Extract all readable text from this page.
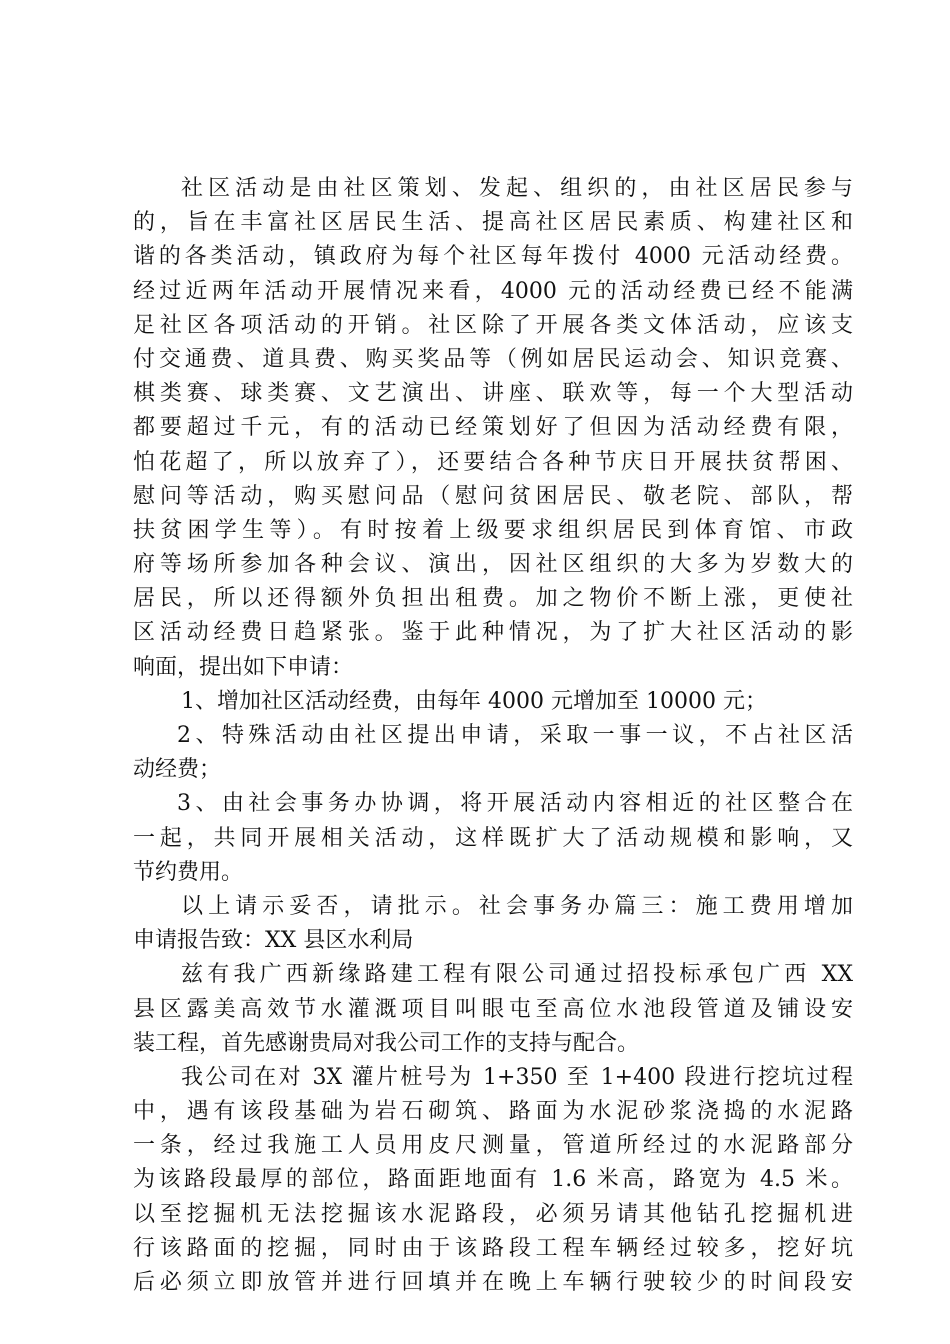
社区活动是由社区策划、发起、组织的，由社区居民参与
的，旨在丰富社区居民生活、提高社区居民素质、构建社区和
谐的各类活动，镇政府为每个社区每年拨付 4000 元活动经费。
经过近两年活动开展情况来看，4000 元的活动经费已经不能满
足社区各项活动的开销。社区除了开展各类文体活动，应该支
付交通费、道具费、购买奖品等（例如居民运动会、知识竞赛、
棋类赛、球类赛、文艺演出、讲座、联欢等，每一个大型活动
都要超过千元，有的活动已经策划好了但因为活动经费有限，
怕花超了，所以放弃了），还要结合各种节庆日开展扶贫帮困、
慰问等活动，购买慰问品（慰问贫困居民、敬老院、部队，帮
扶贫困学生等）。有时按着上级要求组织居民到体育馆、市政
府等场所参加各种会议、演出，因社区组织的大多为岁数大的
居民，所以还得额外负担出租费。加之物价不断上涨，更使社
区活动经费日趋紧张。鉴于此种情况，为了扩大社区活动的影
响面，提出如下申请：
1、增加社区活动经费，由每年 4000 元增加至 10000 元；
2、特殊活动由社区提出申请，采取一事一议，不占社区活
动经费；
3、由社会事务办协调，将开展活动内容相近的社区整合在
一起，共同开展相关活动，这样既扩大了活动规模和影响，又
节约费用。
以上请示妥否，请批示。社会事务办篇三：施工费用增加
申请报告致：XX 县区水利局
兹有我广西新缘路建工程有限公司通过招投标承包广西 XX
县区露美高效节水灌溉项目叫眼屯至高位水池段管道及铺设安
装工程，首先感谢贵局对我公司工作的支持与配合。
我公司在对 3X 灌片桩号为 1+350 至 1+400 段进行挖坑过程
中，遇有该段基础为岩石砌筑、路面为水泥砂浆浇捣的水泥路
一条，经过我施工人员用皮尺测量，管道所经过的水泥路部分
为该路段最厚的部位，路面距地面有 1.6 米高，路宽为 4.5 米。
以至挖掘机无法挖掘该水泥路段，必须另请其他钻孔挖掘机进
行该路面的挖掘，同时由于该路段工程车辆经过较多，挖好坑
后必须立即放管并进行回填并在晚上车辆行驶较少的时间段安
